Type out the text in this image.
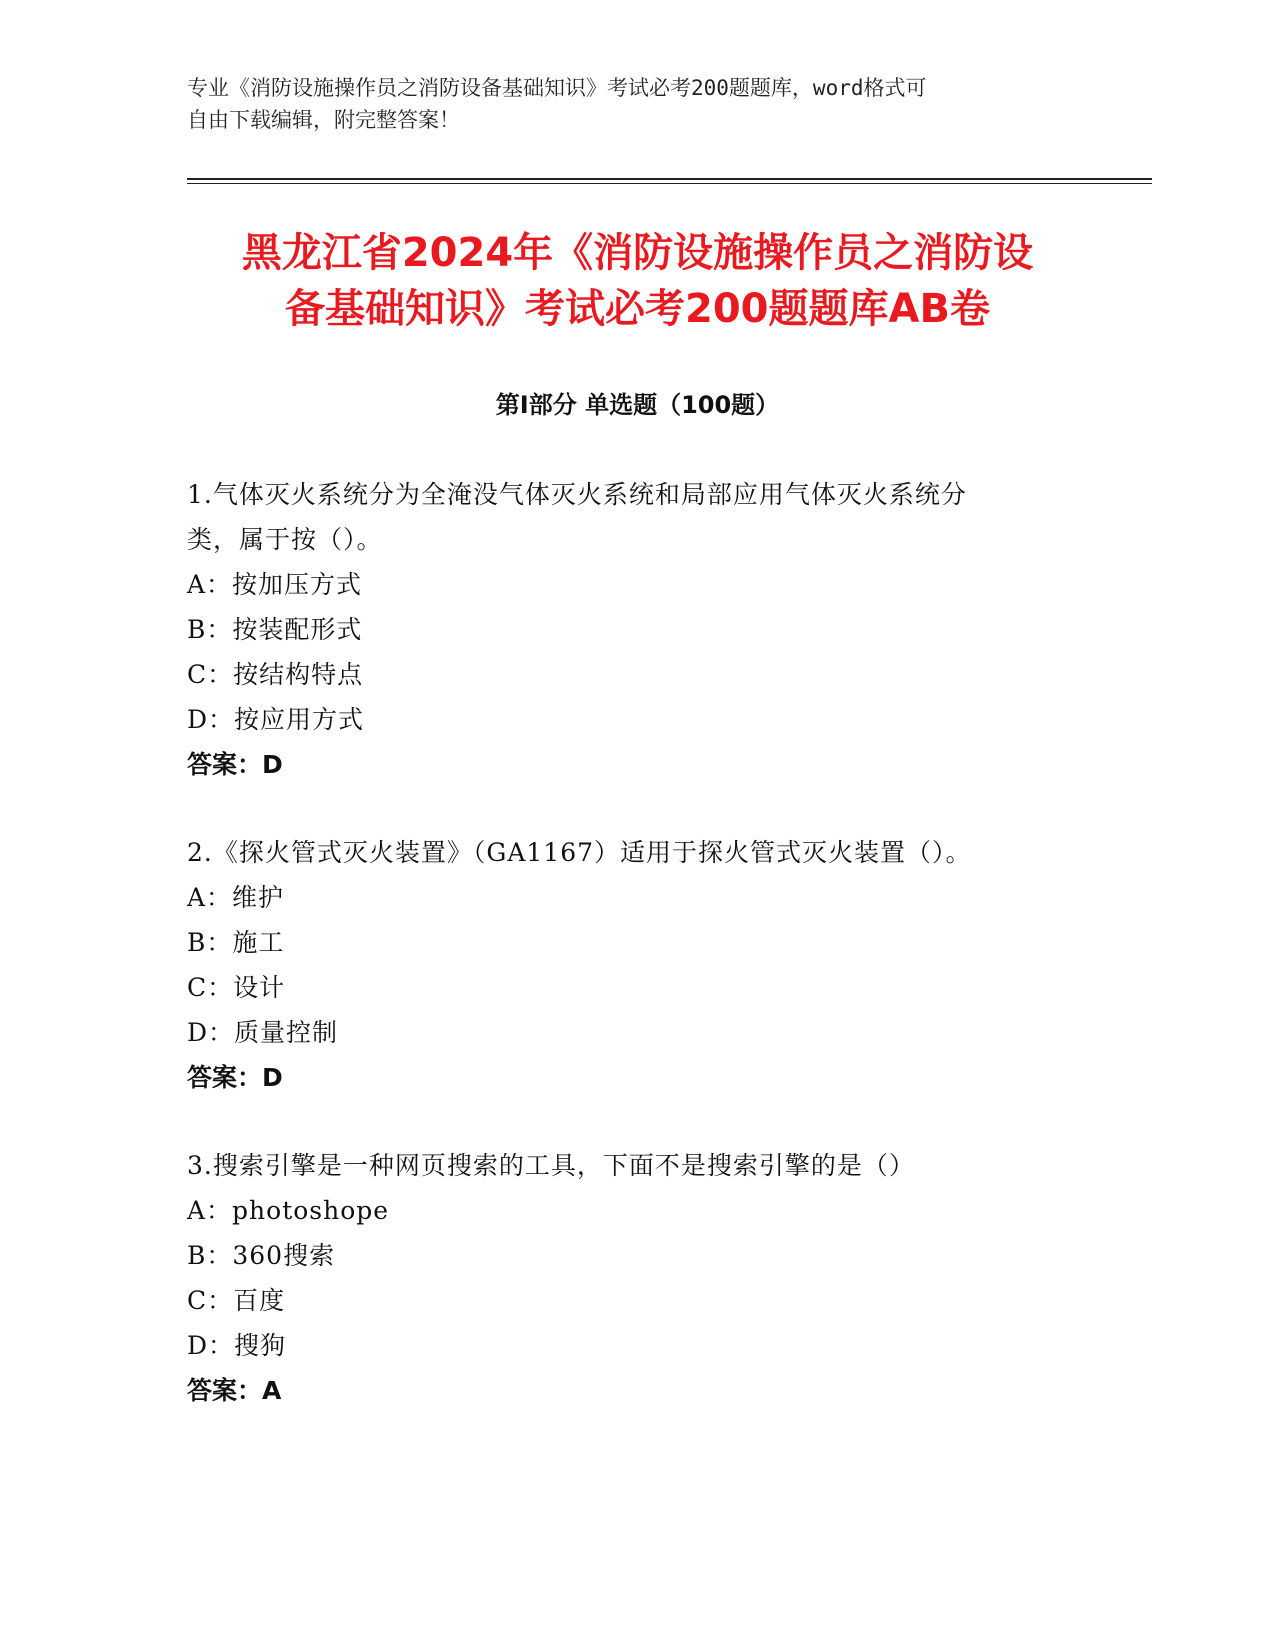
专业《消防设施操作员之消防设备基础知识》考试必考200题题库，word格式可
自由下载编辑，附完整答案！
黑龙江省2024年《消防设施操作员之消防设
备基础知识》考试必考200题题库AB卷
第Ⅰ部分 单选题（100题）
1.气体灭火系统分为全淹没气体灭火系统和局部应用气体灭火系统分
类，属于按（）。
A：按加压方式
B：按装配形式
C：按结构特点
D：按应用方式
答案：D
2.《探火管式灭火装置》（GA1167）适用于探火管式灭火装置（）。
A：维护
B：施工
C：设计
D：质量控制
答案：D
3.搜索引擎是一种网页搜索的工具，下面不是搜索引擎的是（）
A：photoshope
B：360搜索
C：百度
D：搜狗
答案：A
